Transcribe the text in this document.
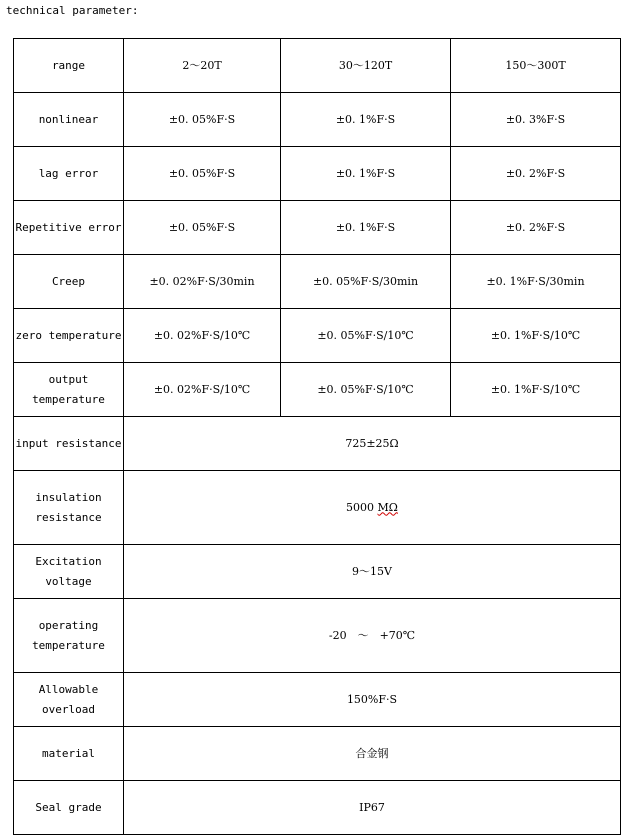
technical parameter:
range	2～20T	30～120T	150～300T
nonlinear	±0. 05%F·S	±0. 1%F·S	±0. 3%F·S
lag error	±0. 05%F·S	±0. 1%F·S	±0. 2%F·S
Repetitive error	±0. 05%F·S	±0. 1%F·S	±0. 2%F·S
Creep	±0. 02%F·S/30min	±0. 05%F·S/30min	±0. 1%F·S/30min
zero temperature	±0. 02%F·S/10℃	±0. 05%F·S/10℃	±0. 1%F·S/10℃
output temperature	±0. 02%F·S/10℃	±0. 05%F·S/10℃	±0. 1%F·S/10℃
input resistance	725±25Ω		

insulation
resistance	5000 MΩ		
Excitation voltage	9～15V		

operating
temperature	-20　～　+70℃		
Allowable overload	150%F·S		
material	合金钢		
Seal grade	IP67		
